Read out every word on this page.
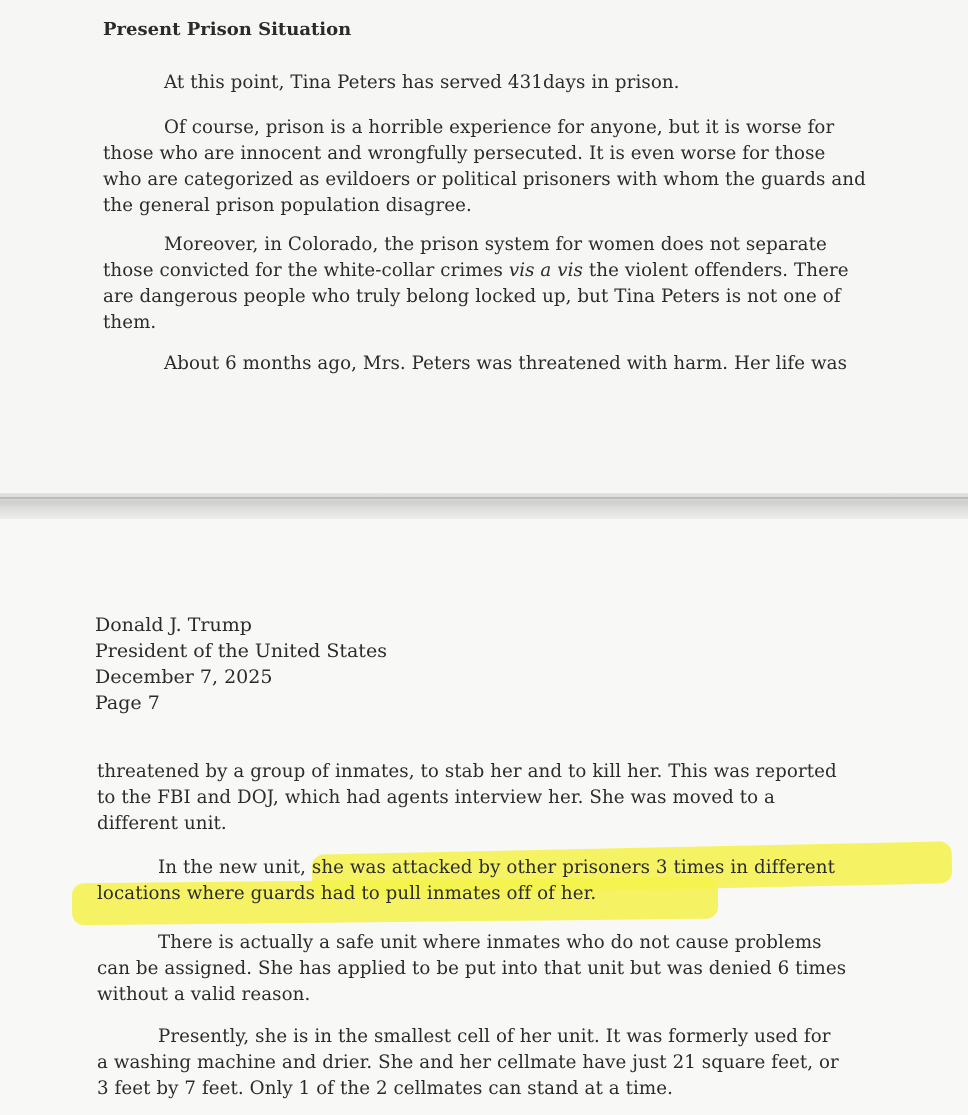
Present Prison Situation
At this point, Tina Peters has served 431days in prison.
Of course, prison is a horrible experience for anyone, but it is worse for
those who are innocent and wrongfully persecuted. It is even worse for those
who are categorized as evildoers or political prisoners with whom the guards and
the general prison population disagree.
Moreover, in Colorado, the prison system for women does not separate
those convicted for the white-collar crimes vis a vis the violent offenders. There
are dangerous people who truly belong locked up, but Tina Peters is not one of
them.
About 6 months ago, Mrs. Peters was threatened with harm. Her life was
Donald J. Trump
President of the United States
December 7, 2025
Page 7
threatened by a group of inmates, to stab her and to kill her. This was reported
to the FBI and DOJ, which had agents interview her. She was moved to a
different unit.
In the new unit, she was attacked by other prisoners 3 times in different
locations where guards had to pull inmates off of her.
There is actually a safe unit where inmates who do not cause problems
can be assigned. She has applied to be put into that unit but was denied 6 times
without a valid reason.
Presently, she is in the smallest cell of her unit. It was formerly used for
a washing machine and drier. She and her cellmate have just 21 square feet, or
3 feet by 7 feet. Only 1 of the 2 cellmates can stand at a time.
